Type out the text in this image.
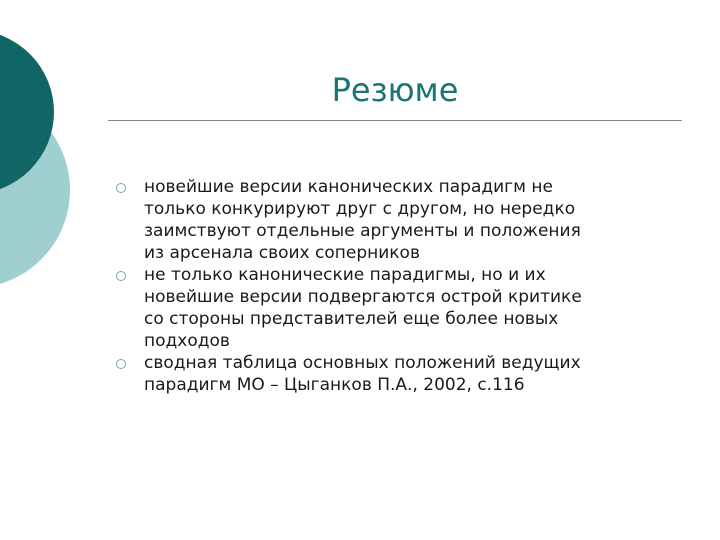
Резюме
новейшие версии канонических парадигм не
только конкурируют друг с другом, но нередко
заимствуют отдельные аргументы и положения
из арсенала своих соперников
не только канонические парадигмы, но и их
новейшие версии подвергаются острой критике
со стороны представителей еще более новых
подходов
сводная таблица основных положений ведущих
парадигм МО – Цыганков П.А., 2002, с.116
